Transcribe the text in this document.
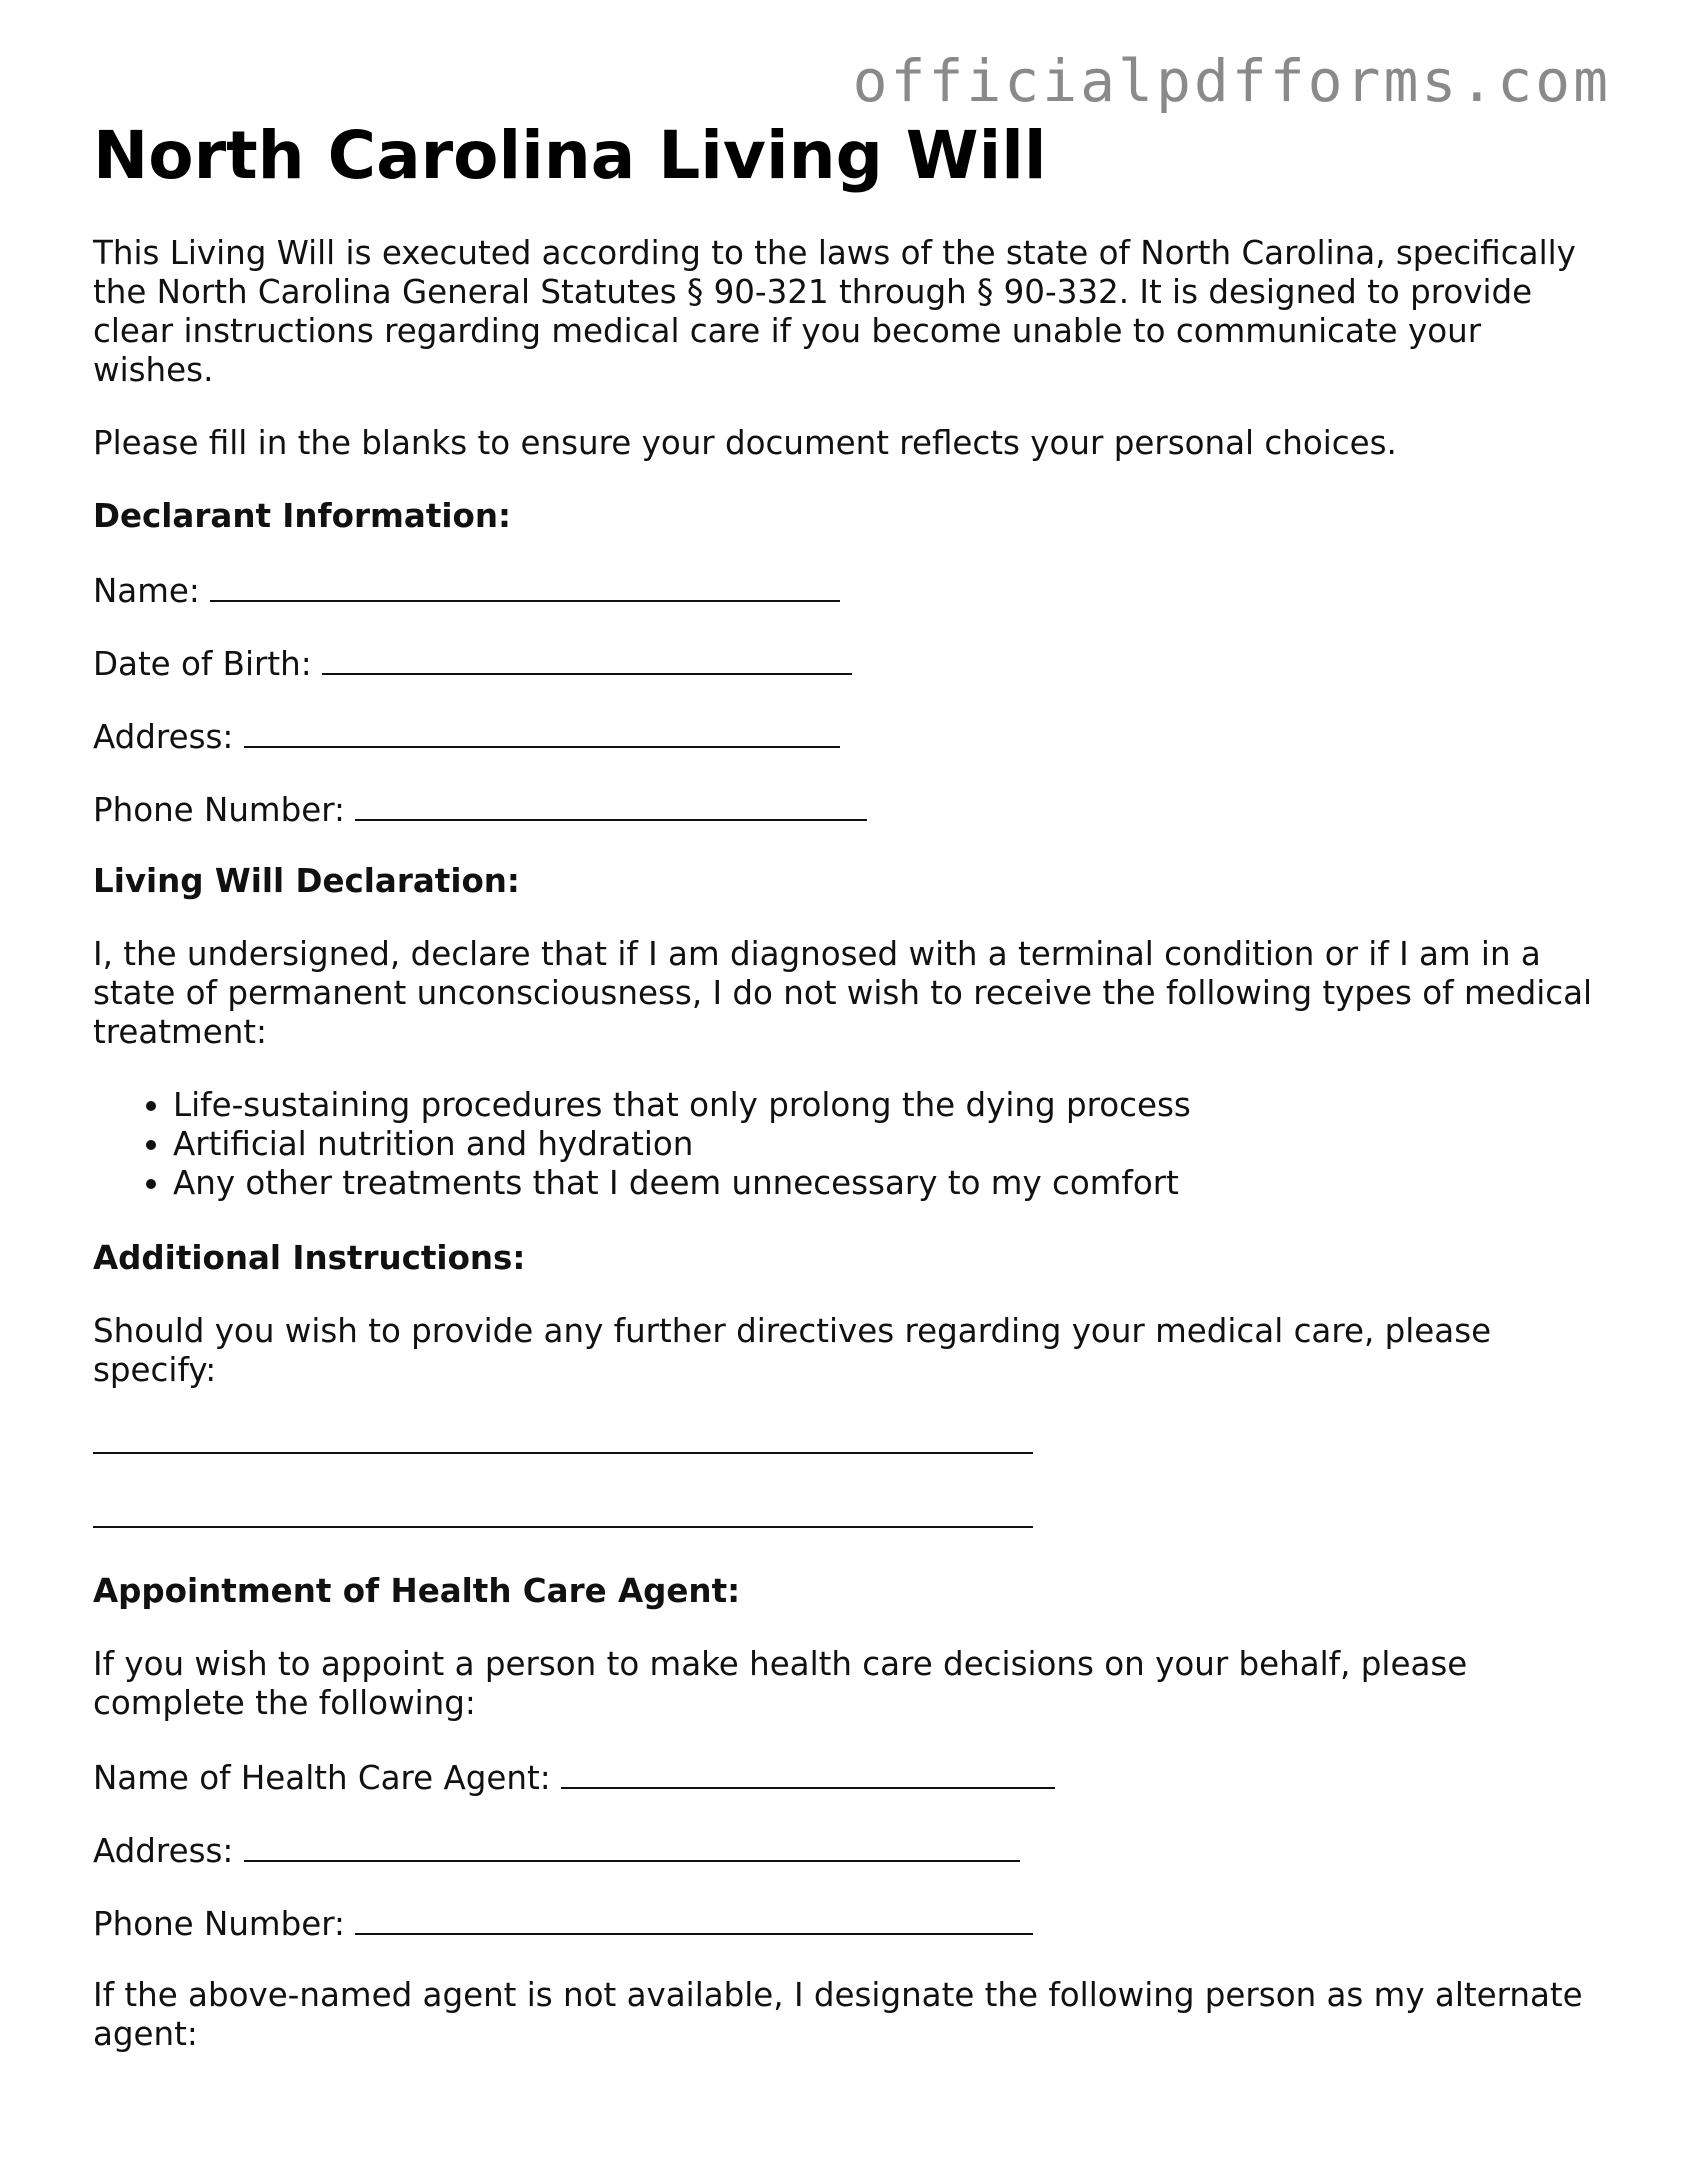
officialpdfforms.com
North Carolina Living Will

This Living Will is executed according to the laws of the state of North Carolina, specifically the North Carolina General Statutes § 90-321 through § 90-332. It is designed to provide clear instructions regarding medical care if you become unable to communicate your wishes.

Please fill in the blanks to ensure your document reflects your personal choices.

Declarant Information:

Name:

Date of Birth:

Address:

Phone Number:

Living Will Declaration:

I, the undersigned, declare that if I am diagnosed with a terminal condition or if I am in a state of permanent unconsciousness, I do not wish to receive the following types of medical treatment:

• Life-sustaining procedures that only prolong the dying process
• Artificial nutrition and hydration
• Any other treatments that I deem unnecessary to my comfort

Additional Instructions:

Should you wish to provide any further directives regarding your medical care, please specify:

Appointment of Health Care Agent:

If you wish to appoint a person to make health care decisions on your behalf, please complete the following:

Name of Health Care Agent:

Address:

Phone Number:

If the above-named agent is not available, I designate the following person as my alternate agent:
